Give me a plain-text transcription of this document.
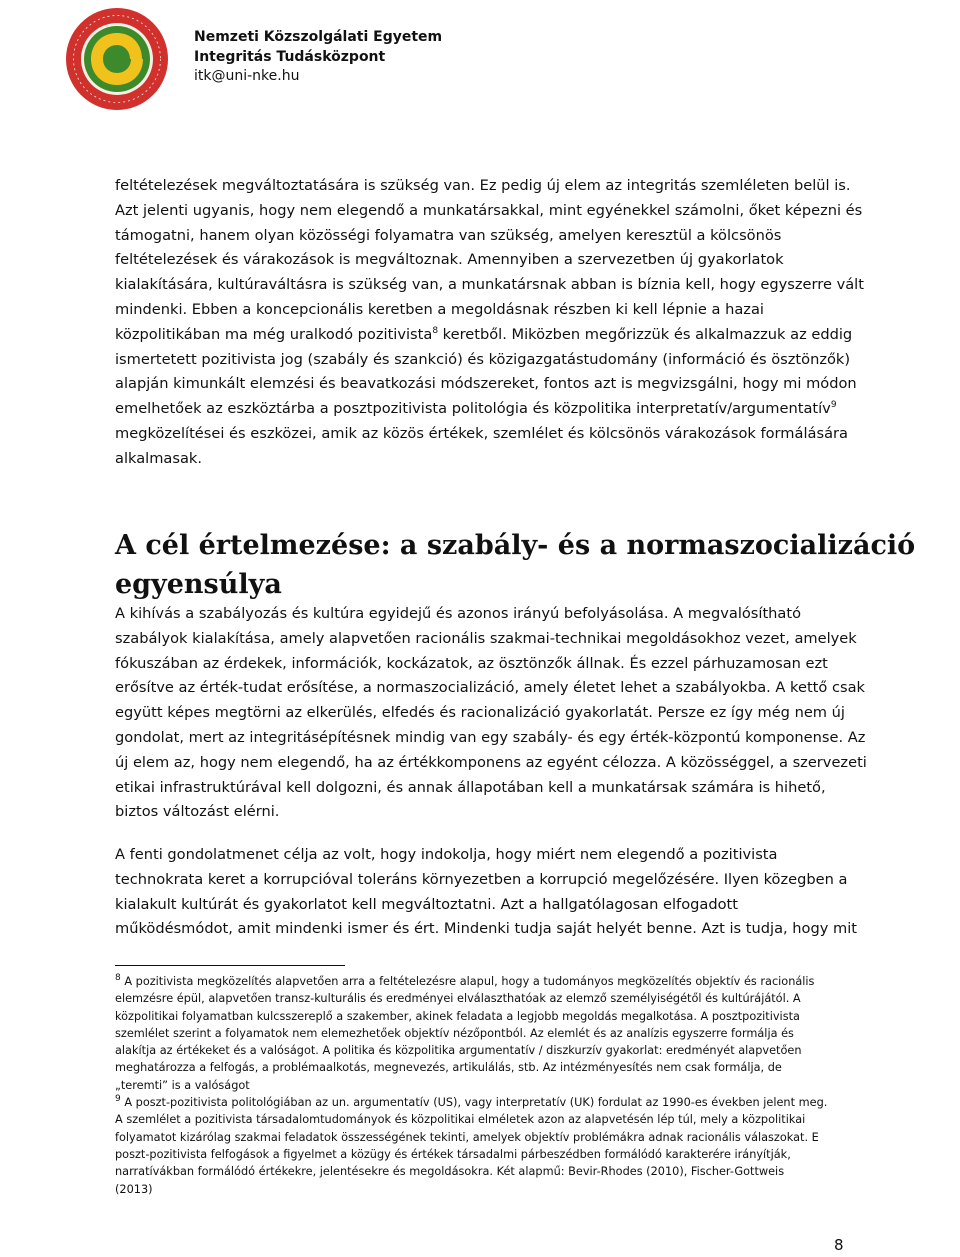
Nemzeti Közszolgálati Egyetem
Integritás Tudásközpont
itk@uni-nke.hu
feltételezések megváltoztatására is szükség van. Ez pedig új elem az integritás szemléleten belül is.
Azt jelenti ugyanis, hogy nem elegendő a munkatársakkal, mint egyénekkel számolni, őket képezni és
támogatni, hanem olyan közösségi folyamatra van szükség, amelyen keresztül a kölcsönös
feltételezések és várakozások is megváltoznak. Amennyiben a szervezetben új gyakorlatok
kialakítására, kultúraváltásra is szükség van, a munkatársnak abban is bíznia kell, hogy egyszerre vált
mindenki. Ebben a koncepcionális keretben a megoldásnak részben ki kell lépnie a hazai
közpolitikában ma még uralkodó pozitivista$^8$ keretből. Miközben megőrizzük és alkalmazzuk az eddig
ismertetett pozitivista jog (szabály és szankció) és közigazgatástudomány (információ és ösztönzők)
alapján kimunkált elemzési és beavatkozási módszereket, fontos azt is megvizsgálni, hogy mi módon
emelhetőek az eszköztárba a posztpozitivista politológia és közpolitika interpretatív/argumentatív$^9$
megközelítései és eszközei, amik az közös értékek, szemlélet és kölcsönös várakozások formálására
alkalmasak.
A cél értelmezése: a szabály- és a normaszocializáció
egyensúlya
A kihívás a szabályozás és kultúra egyidejű és azonos irányú befolyásolása. A megvalósítható
szabályok kialakítása, amely alapvetően racionális szakmai-technikai megoldásokhoz vezet, amelyek
fókuszában az érdekek, információk, kockázatok, az ösztönzők állnak. És ezzel párhuzamosan ezt
erősítve az érték-tudat erősítése, a normaszocializáció, amely életet lehet a szabályokba. A kettő csak
együtt képes megtörni az elkerülés, elfedés és racionalizáció gyakorlatát. Persze ez így még nem új
gondolat, mert az integritásépítésnek mindig van egy szabály- és egy érték-központú komponense. Az
új elem az, hogy nem elegendő, ha az értékkomponens az egyént célozza. A közösséggel, a szervezeti
etikai infrastruktúrával kell dolgozni, és annak állapotában kell a munkatársak számára is hihető,
biztos változást elérni.
A fenti gondolatmenet célja az volt, hogy indokolja, hogy miért nem elegendő a pozitivista
technokrata keret a korrupcióval toleráns környezetben a korrupció megelőzésére. Ilyen közegben a
kialakult kultúrát és gyakorlatot kell megváltoztatni. Azt a hallgatólagosan elfogadott
működésmódot, amit mindenki ismer és ért. Mindenki tudja saját helyét benne. Azt is tudja, hogy mit
$^8$ A pozitivista megközelítés alapvetően arra a feltételezésre alapul, hogy a tudományos megközelítés objektív és racionális
elemzésre épül, alapvetően transz-kulturális és eredményei elválaszthatóak az elemző személyiségétől és kultúrájától. A
közpolitikai folyamatban kulcsszereplő a szakember, akinek feladata a legjobb megoldás megalkotása. A posztpozitivista
szemlélet szerint a folyamatok nem elemezhetőek objektív nézőpontból. Az elemlét és az analízis egyszerre formálja és
alakítja az értékeket és a valóságot. A politika és közpolitika argumentatív / diszkurzív gyakorlat: eredményét alapvetően
meghatározza a felfogás, a problémaalkotás, megnevezés, artikulálás, stb. Az intézményesítés nem csak formálja, de
„teremti” is a valóságot
$^9$ A poszt-pozitivista politológiában az un. argumentatív (US), vagy interpretatív (UK) fordulat az 1990-es években jelent meg.
A szemlélet a pozitivista társadalomtudományok és közpolitikai elméletek azon az alapvetésén lép túl, mely a közpolitikai
folyamatot kizárólag szakmai feladatok összességének tekinti, amelyek objektív problémákra adnak racionális válaszokat. E
poszt-pozitivista felfogások a figyelmet a közügy és értékek társadalmi párbeszédben formálódó karakterére irányítják,
narratívákban formálódó értékekre, jelentésekre és megoldásokra. Két alapmű: Bevir-Rhodes (2010), Fischer-Gottweis
(2013)
8
